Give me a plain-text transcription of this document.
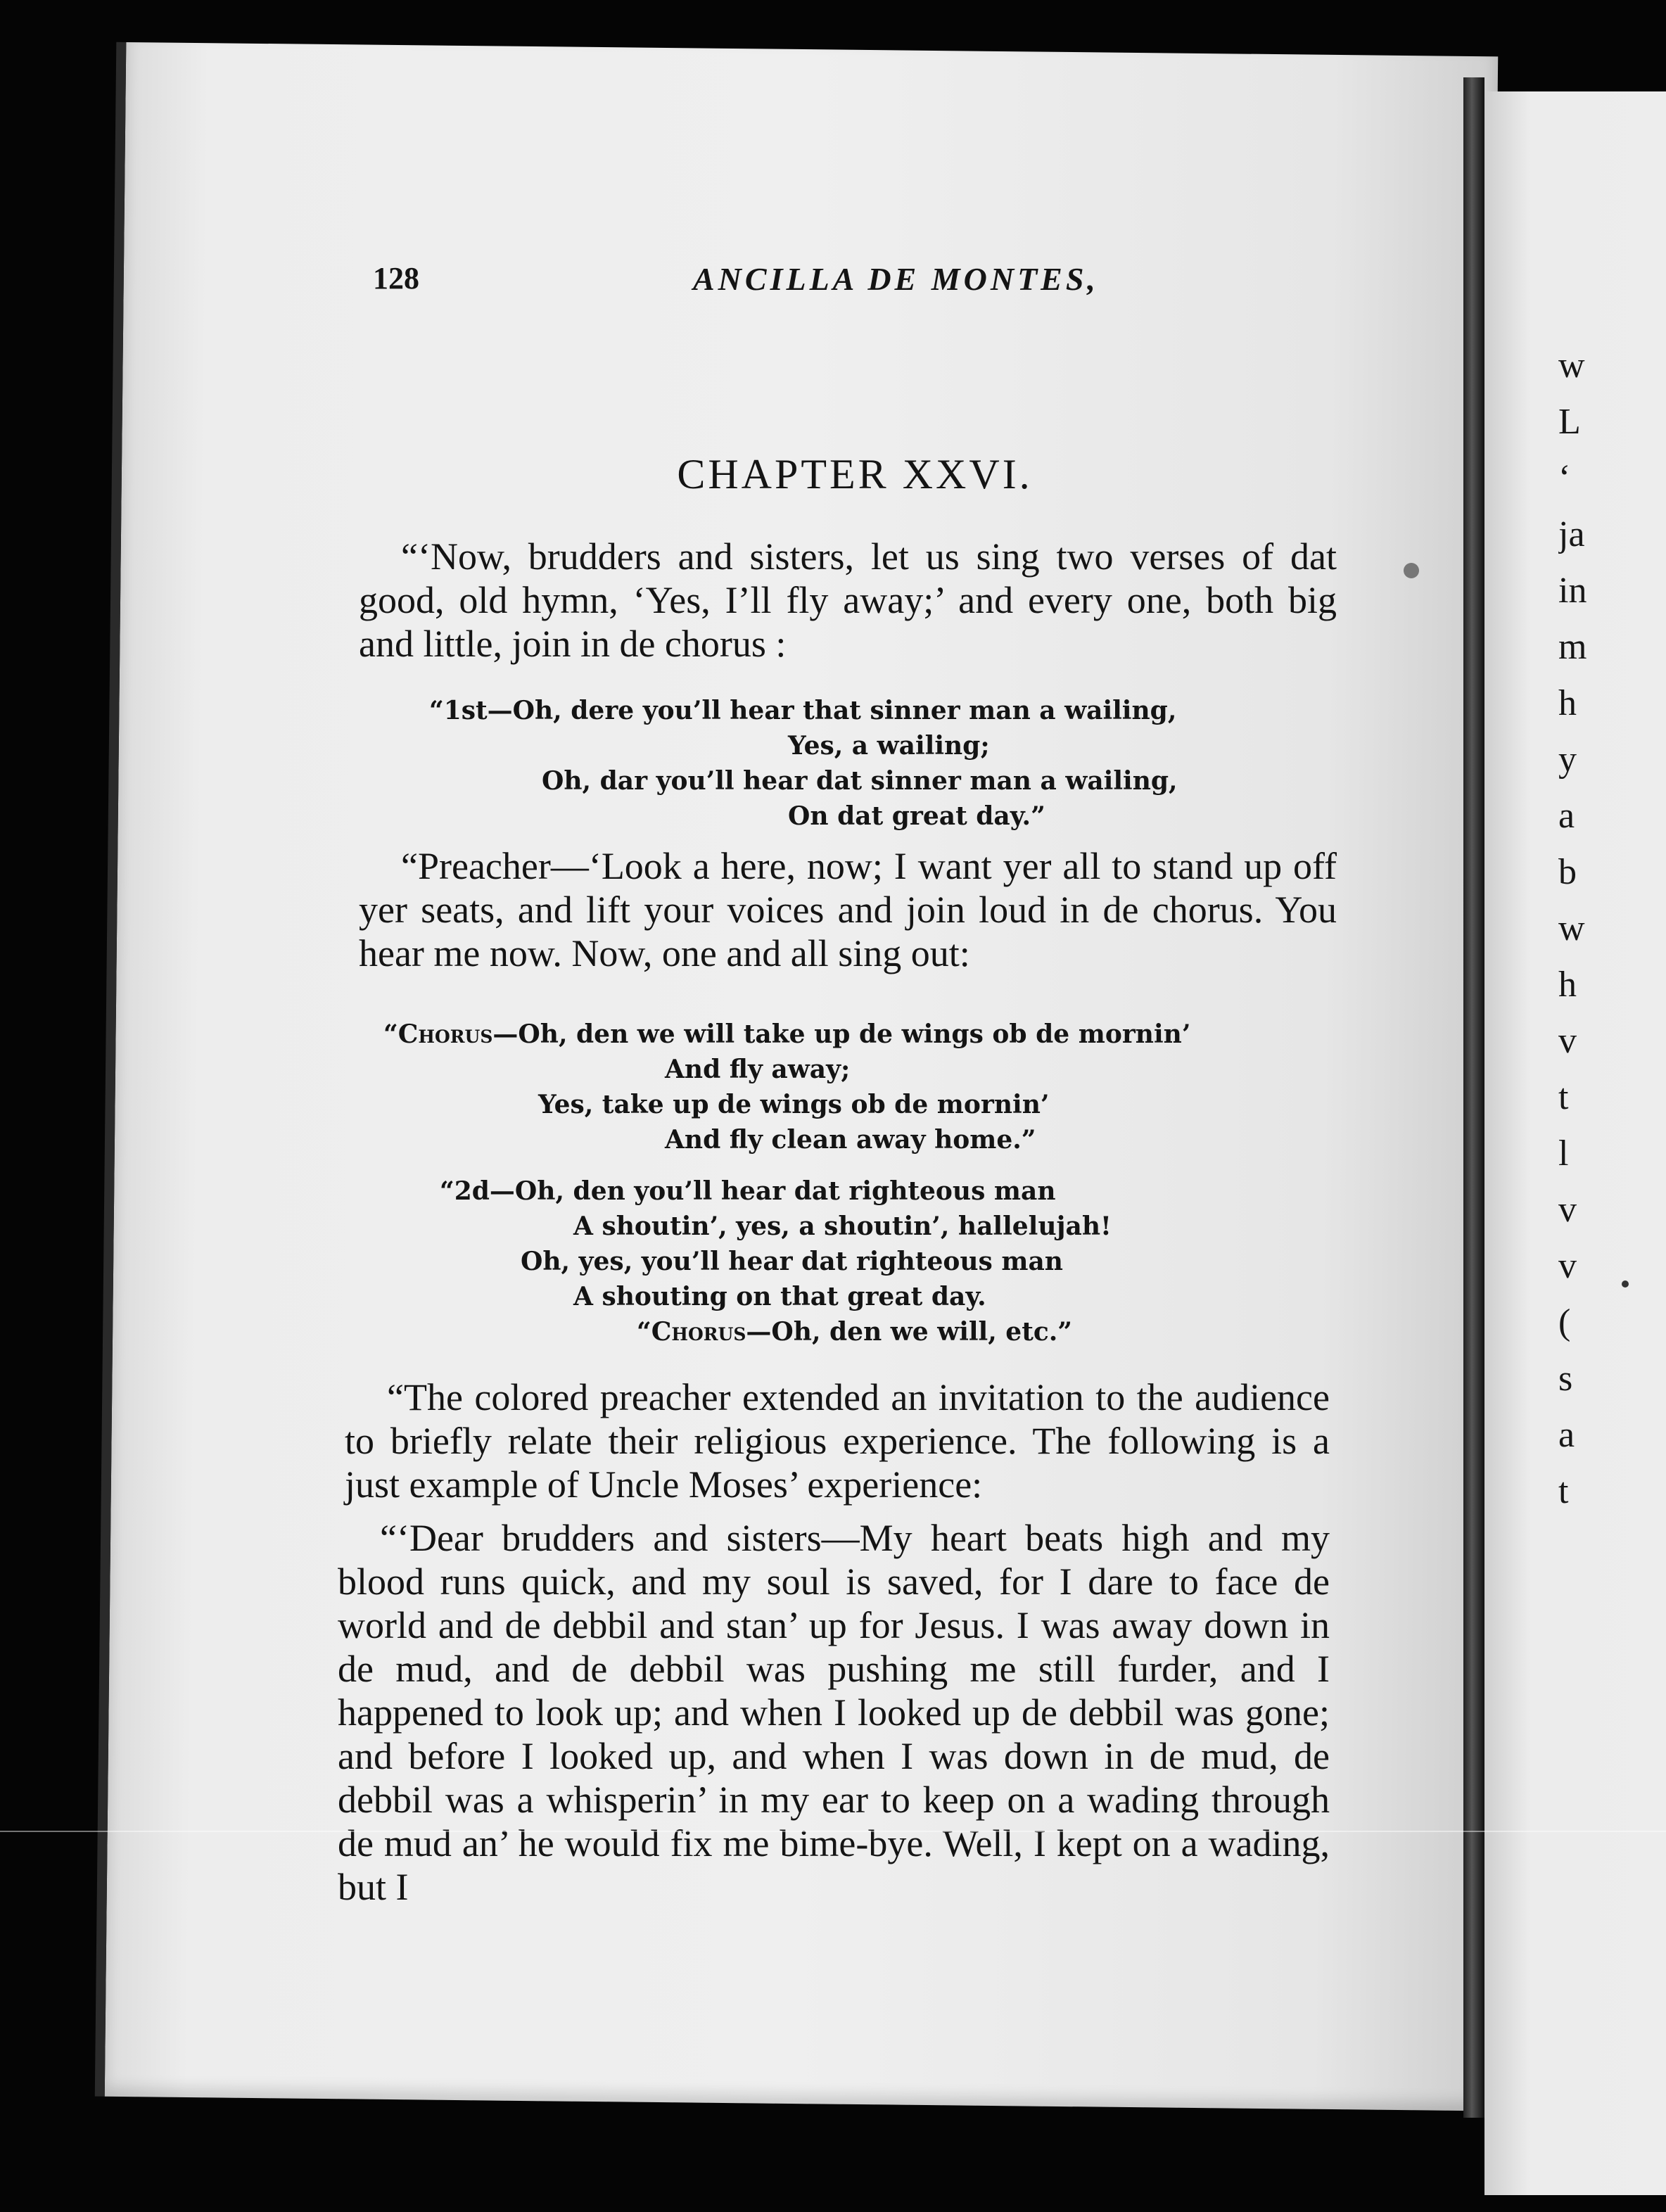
w
L
‘
ja
in
m
h
y
a
b
w
h
v
t
l
v
v
(
s
a
t
128	ANCILLA DE MONTES,
CHAPTER XXVI.
“‘Now, brudders and sisters, let us sing two verses of dat good, old hymn, ‘Yes, I’ll fly away;’ and every one, both big and little, join in de chorus :
“1st—Oh, dere you’ll hear that sinner man a wailing,
Yes, a wailing;
Oh, dar you’ll hear dat sinner man a wailing,
On dat great day.”
“Preacher—‘Look a here, now; I want yer all to stand up off yer seats, and lift your voices and join loud in de chorus. You hear me now. Now, one and all sing out:
“Chorus—Oh, den we will take up de wings ob de mornin’
And fly away;
Yes, take up de wings ob de mornin’
And fly clean away home.”
“2d—Oh, den you’ll hear dat righteous man
A shoutin’, yes, a shoutin’, hallelujah!
Oh, yes, you’ll hear dat righteous man
A shouting on that great day.
“Chorus—Oh, den we will, etc.”
“The colored preacher extended an invitation to the audience to briefly relate their religious experience. The following is a just example of Uncle Moses’ experience:
“‘Dear brudders and sisters—My heart beats high and my blood runs quick, and my soul is saved, for I dare to face de world and de debbil and stan’ up for Jesus. I was away down in de mud, and de debbil was pushing me still furder, and I happened to look up; and when I looked up de debbil was gone; and before I looked up, and when I was down in de mud, de debbil was a whisperin’ in my ear to keep on a wading through de mud an’ he would fix me bime-bye. Well, I kept on a wading, but I
